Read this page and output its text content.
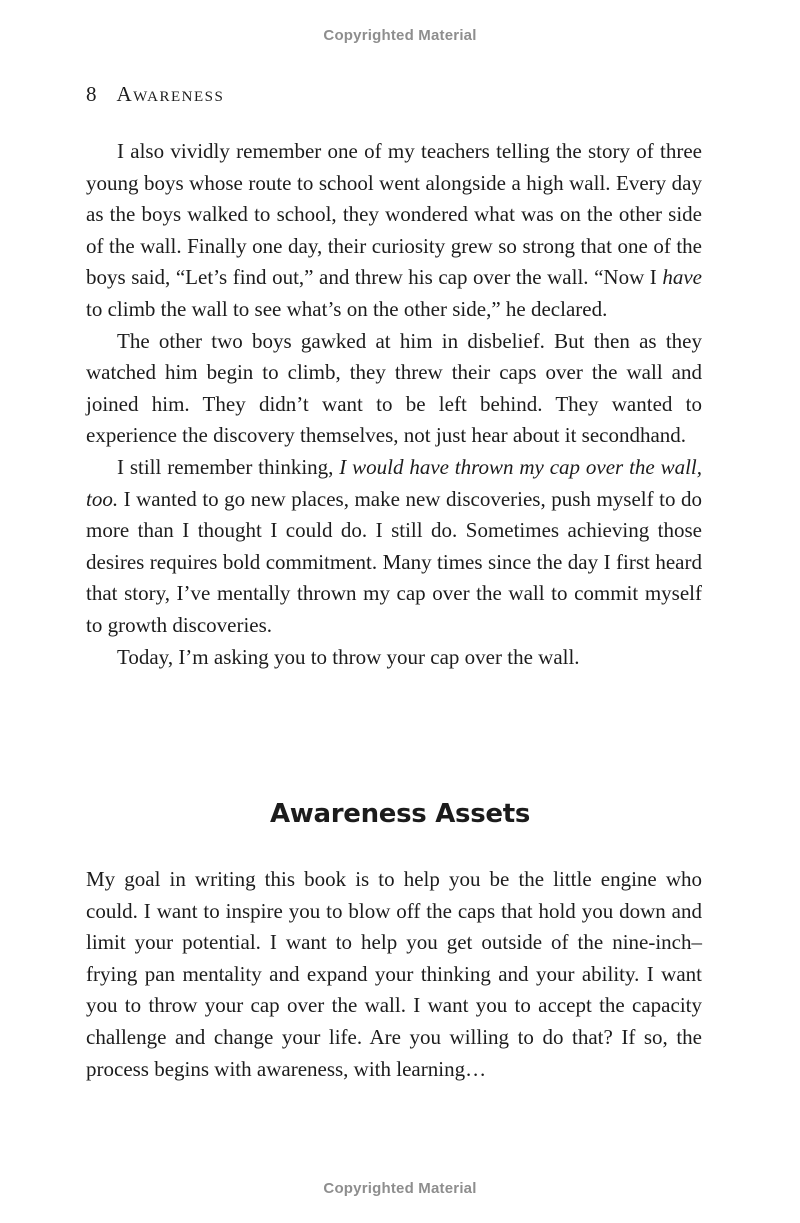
Copyrighted Material
8 Awareness

I also vividly remember one of my teachers telling the story of three young boys whose route to school went alongside a high wall. Every day as the boys walked to school, they wondered what was on the other side of the wall. Finally one day, their curiosity grew so strong that one of the boys said, “Let’s find out,” and threw his cap over the wall. “Now I have to climb the wall to see what’s on the other side,” he declared.

The other two boys gawked at him in disbelief. But then as they watched him begin to climb, they threw their caps over the wall and joined him. They didn’t want to be left behind. They wanted to experience the discovery themselves, not just hear about it secondhand.

I still remember thinking, I would have thrown my cap over the wall, too. I wanted to go new places, make new discoveries, push myself to do more than I thought I could do. I still do. Sometimes achieving those desires requires bold commitment. Many times since the day I first heard that story, I’ve mentally thrown my cap over the wall to commit myself to growth discoveries.

Today, I’m asking you to throw your cap over the wall.

Awareness Assets

My goal in writing this book is to help you be the little engine who could. I want to inspire you to blow off the caps that hold you down and limit your potential. I want to help you get outside of the nine-inch–frying pan mentality and expand your thinking and your ability. I want you to throw your cap over the wall. I want you to accept the capacity challenge and change your life. Are you willing to do that? If so, the process begins with awareness, with learning…

Copyrighted Material
